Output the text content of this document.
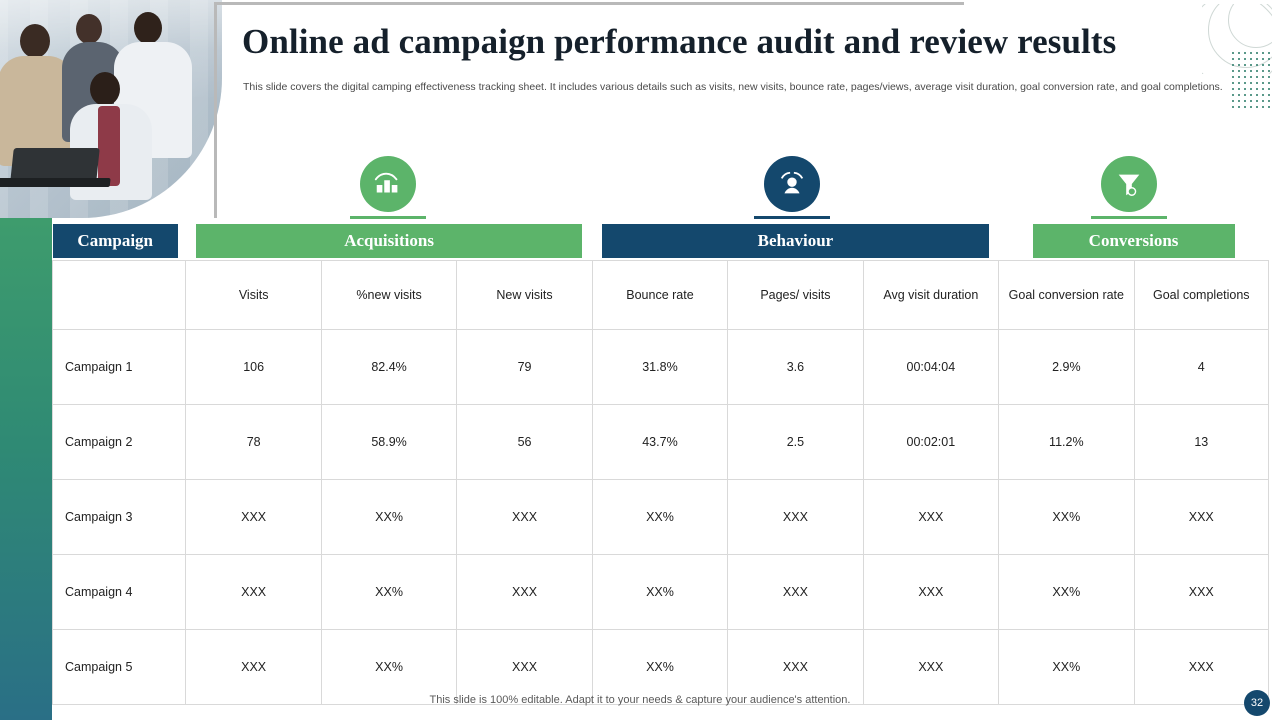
Online ad campaign performance audit and review results
This slide covers the digital camping effectiveness tracking sheet. It includes various details such as visits, new visits, bounce rate, pages/views, average visit duration, goal conversion rate, and goal completions.
Campaign	Acquisitions			Behaviour			Conversions	

	Visits	%new visits	New visits	Bounce rate	Pages/ visits	Avg visit duration	Goal conversion rate	Goal completions
Campaign 1	106	82.4%	79	31.8%	3.6	00:04:04	2.9%	4
Campaign 2	78	58.9%	56	43.7%	2.5	00:02:01	11.2%	13
Campaign 3	XXX	XX%	XXX	XX%	XXX	XXX	XX%	XXX
Campaign 4	XXX	XX%	XXX	XX%	XXX	XXX	XX%	XXX
Campaign 5	XXX	XX%	XXX	XX%	XXX	XXX	XX%	XXX
This slide is 100% editable. Adapt it to your needs & capture your audience's attention.	32
